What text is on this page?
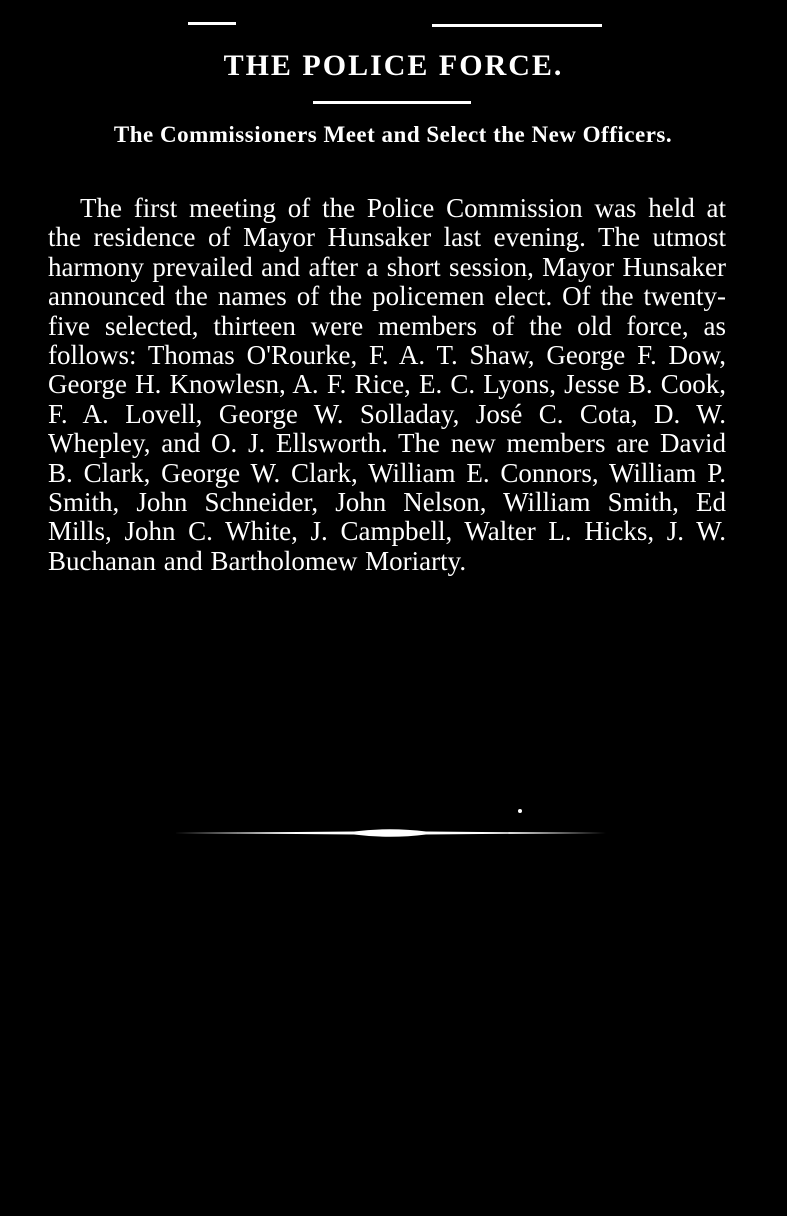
THE POLICE FORCE.
The Commissioners Meet and Select the New Officers.

The first meeting of the Police Commission was held at the residence of Mayor Hunsaker last evening. The utmost harmony prevailed and after a short session, Mayor Hunsaker announced the names of the policemen elect. Of the twenty-five selected, thirteen were members of the old force, as follows: Thomas O'Rourke, F. A. T. Shaw, George F. Dow, George H. Knowlesn, A. F. Rice, E. C. Lyons, Jesse B. Cook, F. A. Lovell, George W. Solladay, José C. Cota, D. W. Whepley, and O. J. Ellsworth. The new members are David B. Clark, George W. Clark, William E. Connors, William P. Smith, John Schneider, John Nelson, William Smith, Ed Mills, John C. White, J. Campbell, Walter L. Hicks, J. W. Buchanan and Bartholomew Moriarty.
